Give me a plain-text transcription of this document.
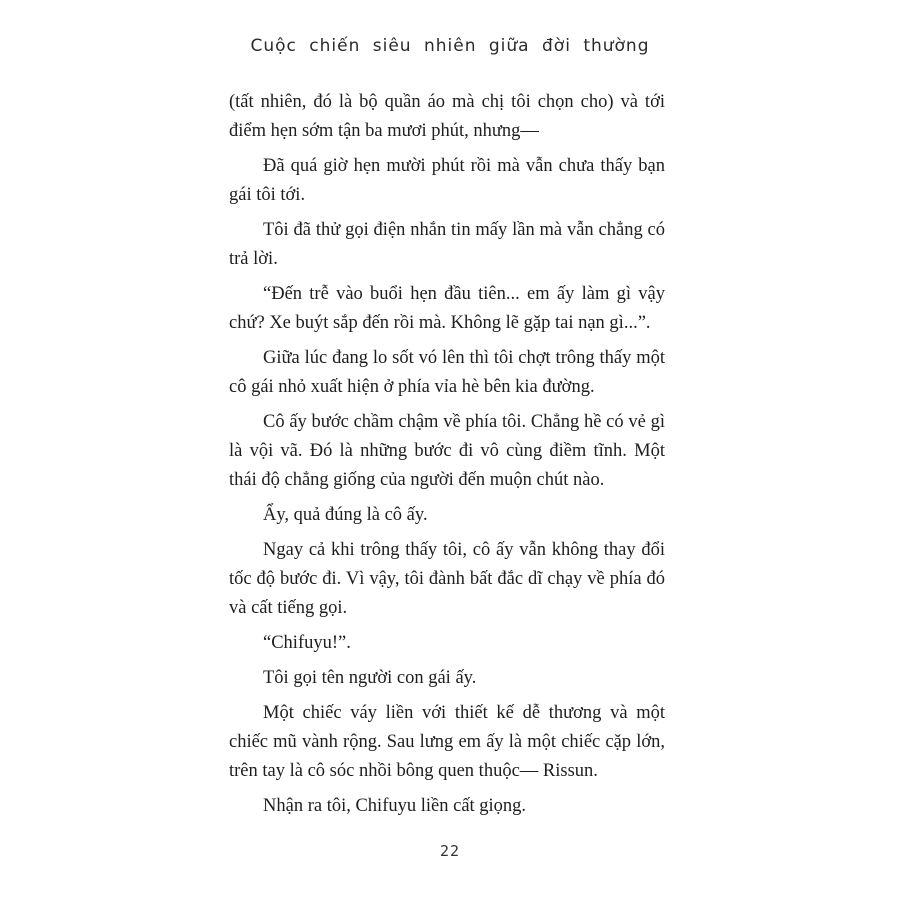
Cuộc chiến siêu nhiên giữa đời thường

(tất nhiên, đó là bộ quần áo mà chị tôi chọn cho) và tới điểm hẹn sớm tận ba mươi phút, nhưng—

Đã quá giờ hẹn mười phút rồi mà vẫn chưa thấy bạn gái tôi tới.

Tôi đã thử gọi điện nhắn tin mấy lần mà vẫn chẳng có trả lời.

“Đến trễ vào buổi hẹn đầu tiên... em ấy làm gì vậy chứ? Xe buýt sắp đến rồi mà. Không lẽ gặp tai nạn gì...”.

Giữa lúc đang lo sốt vó lên thì tôi chợt trông thấy một cô gái nhỏ xuất hiện ở phía vỉa hè bên kia đường.

Cô ấy bước chầm chậm về phía tôi. Chẳng hề có vẻ gì là vội vã. Đó là những bước đi vô cùng điềm tĩnh. Một thái độ chẳng giống của người đến muộn chút nào.

Ẩy, quả đúng là cô ấy.

Ngay cả khi trông thấy tôi, cô ấy vẫn không thay đổi tốc độ bước đi. Vì vậy, tôi đành bất đắc dĩ chạy về phía đó và cất tiếng gọi.

“Chifuyu!”.

Tôi gọi tên người con gái ấy.

Một chiếc váy liền với thiết kế dễ thương và một chiếc mũ vành rộng. Sau lưng em ấy là một chiếc cặp lớn, trên tay là cô sóc nhồi bông quen thuộc— Rissun.

Nhận ra tôi, Chifuyu liền cất giọng.

22
